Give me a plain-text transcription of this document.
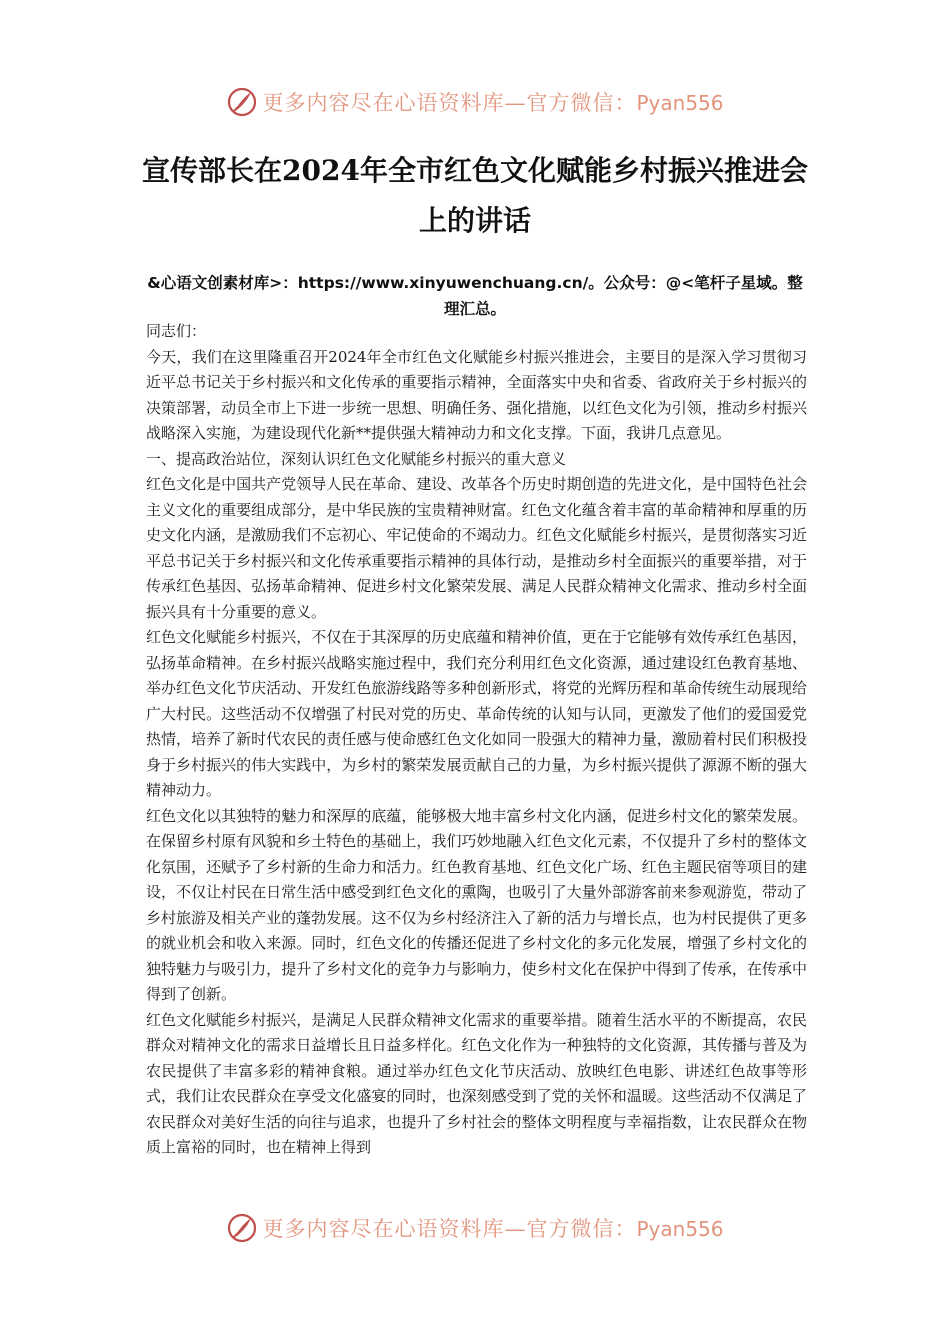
更多内容尽在心语资料库—官方微信：Pyan556
宣传部长在2024年全市红色文化赋能乡村振兴推进会上的讲话

&心语文创素材库>：https://www.xinyuwenchuang.cn/。公众号：@<笔杆子星域。整理汇总。

同志们：

今天，我们在这里隆重召开2024年全市红色文化赋能乡村振兴推进会，主要目的是深入学习贯彻习近平总书记关于乡村振兴和文化传承的重要指示精神，全面落实中央和省委、省政府关于乡村振兴的决策部署，动员全市上下进一步统一思想、明确任务、强化措施，以红色文化为引领，推动乡村振兴战略深入实施，为建设现代化新**提供强大精神动力和文化支撑。下面，我讲几点意见。

一、提高政治站位，深刻认识红色文化赋能乡村振兴的重大意义

红色文化是中国共产党领导人民在革命、建设、改革各个历史时期创造的先进文化，是中国特色社会主义文化的重要组成部分，是中华民族的宝贵精神财富。红色文化蕴含着丰富的革命精神和厚重的历史文化内涵，是激励我们不忘初心、牢记使命的不竭动力。红色文化赋能乡村振兴，是贯彻落实习近平总书记关于乡村振兴和文化传承重要指示精神的具体行动，是推动乡村全面振兴的重要举措，对于传承红色基因、弘扬革命精神、促进乡村文化繁荣发展、满足人民群众精神文化需求、推动乡村全面振兴具有十分重要的意义。

红色文化赋能乡村振兴，不仅在于其深厚的历史底蕴和精神价值，更在于它能够有效传承红色基因，弘扬革命精神。在乡村振兴战略实施过程中，我们充分利用红色文化资源，通过建设红色教育基地、举办红色文化节庆活动、开发红色旅游线路等多种创新形式，将党的光辉历程和革命传统生动展现给广大村民。这些活动不仅增强了村民对党的历史、革命传统的认知与认同，更激发了他们的爱国爱党热情，培养了新时代农民的责任感与使命感红色文化如同一股强大的精神力量，激励着村民们积极投身于乡村振兴的伟大实践中，为乡村的繁荣发展贡献自己的力量，为乡村振兴提供了源源不断的强大精神动力。

红色文化以其独特的魅力和深厚的底蕴，能够极大地丰富乡村文化内涵，促进乡村文化的繁荣发展。在保留乡村原有风貌和乡土特色的基础上，我们巧妙地融入红色文化元素，不仅提升了乡村的整体文化氛围，还赋予了乡村新的生命力和活力。红色教育基地、红色文化广场、红色主题民宿等项目的建设，不仅让村民在日常生活中感受到红色文化的熏陶，也吸引了大量外部游客前来参观游览，带动了乡村旅游及相关产业的蓬勃发展。这不仅为乡村经济注入了新的活力与增长点，也为村民提供了更多的就业机会和收入来源。同时，红色文化的传播还促进了乡村文化的多元化发展，增强了乡村文化的独特魅力与吸引力，提升了乡村文化的竞争力与影响力，使乡村文化在保护中得到了传承，在传承中得到了创新。

红色文化赋能乡村振兴，是满足人民群众精神文化需求的重要举措。随着生活水平的不断提高，农民群众对精神文化的需求日益增长且日益多样化。红色文化作为一种独特的文化资源，其传播与普及为农民提供了丰富多彩的精神食粮。通过举办红色文化节庆活动、放映红色电影、讲述红色故事等形式，我们让农民群众在享受文化盛宴的同时，也深刻感受到了党的关怀和温暖。这些活动不仅满足了农民群众对美好生活的向往与追求，也提升了乡村社会的整体文明程度与幸福指数，让农民群众在物质上富裕的同时，也在精神上得到

更多内容尽在心语资料库—官方微信：Pyan556
